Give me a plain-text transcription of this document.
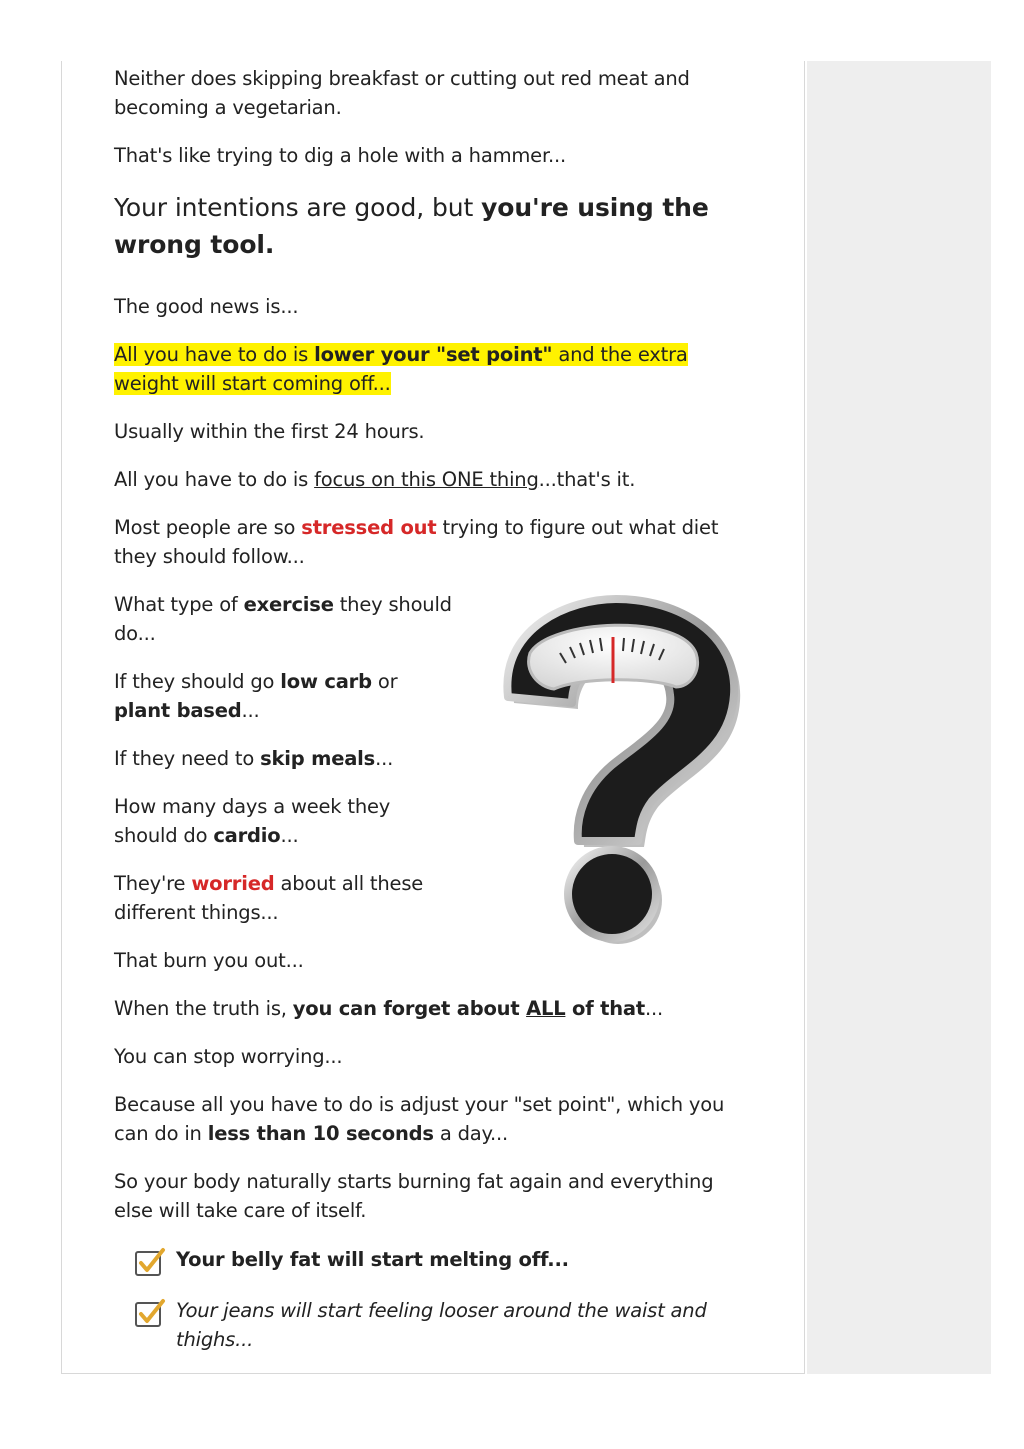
Neither does skipping breakfast or cutting out red meat and becoming a vegetarian.

That's like trying to dig a hole with a hammer...

Your intentions are good, but you're using the wrong tool.

The good news is...

All you have to do is lower your "set point" and the extra weight will start coming off...

Usually within the first 24 hours.

All you have to do is focus on this ONE thing...that's it.

Most people are so stressed out trying to figure out what diet they should follow...

What type of exercise they should do...

If they should go low carb or plant based...

If they need to skip meals...

How many days a week they should do cardio...

They're worried about all these different things...

That burn you out...

When the truth is, you can forget about ALL of that...

You can stop worrying...

Because all you have to do is adjust your "set point", which you can do in less than 10 seconds a day...

So your body naturally starts burning fat again and everything else will take care of itself.

Your belly fat will start melting off...
Your jeans will start feeling looser around the waist and thighs...
